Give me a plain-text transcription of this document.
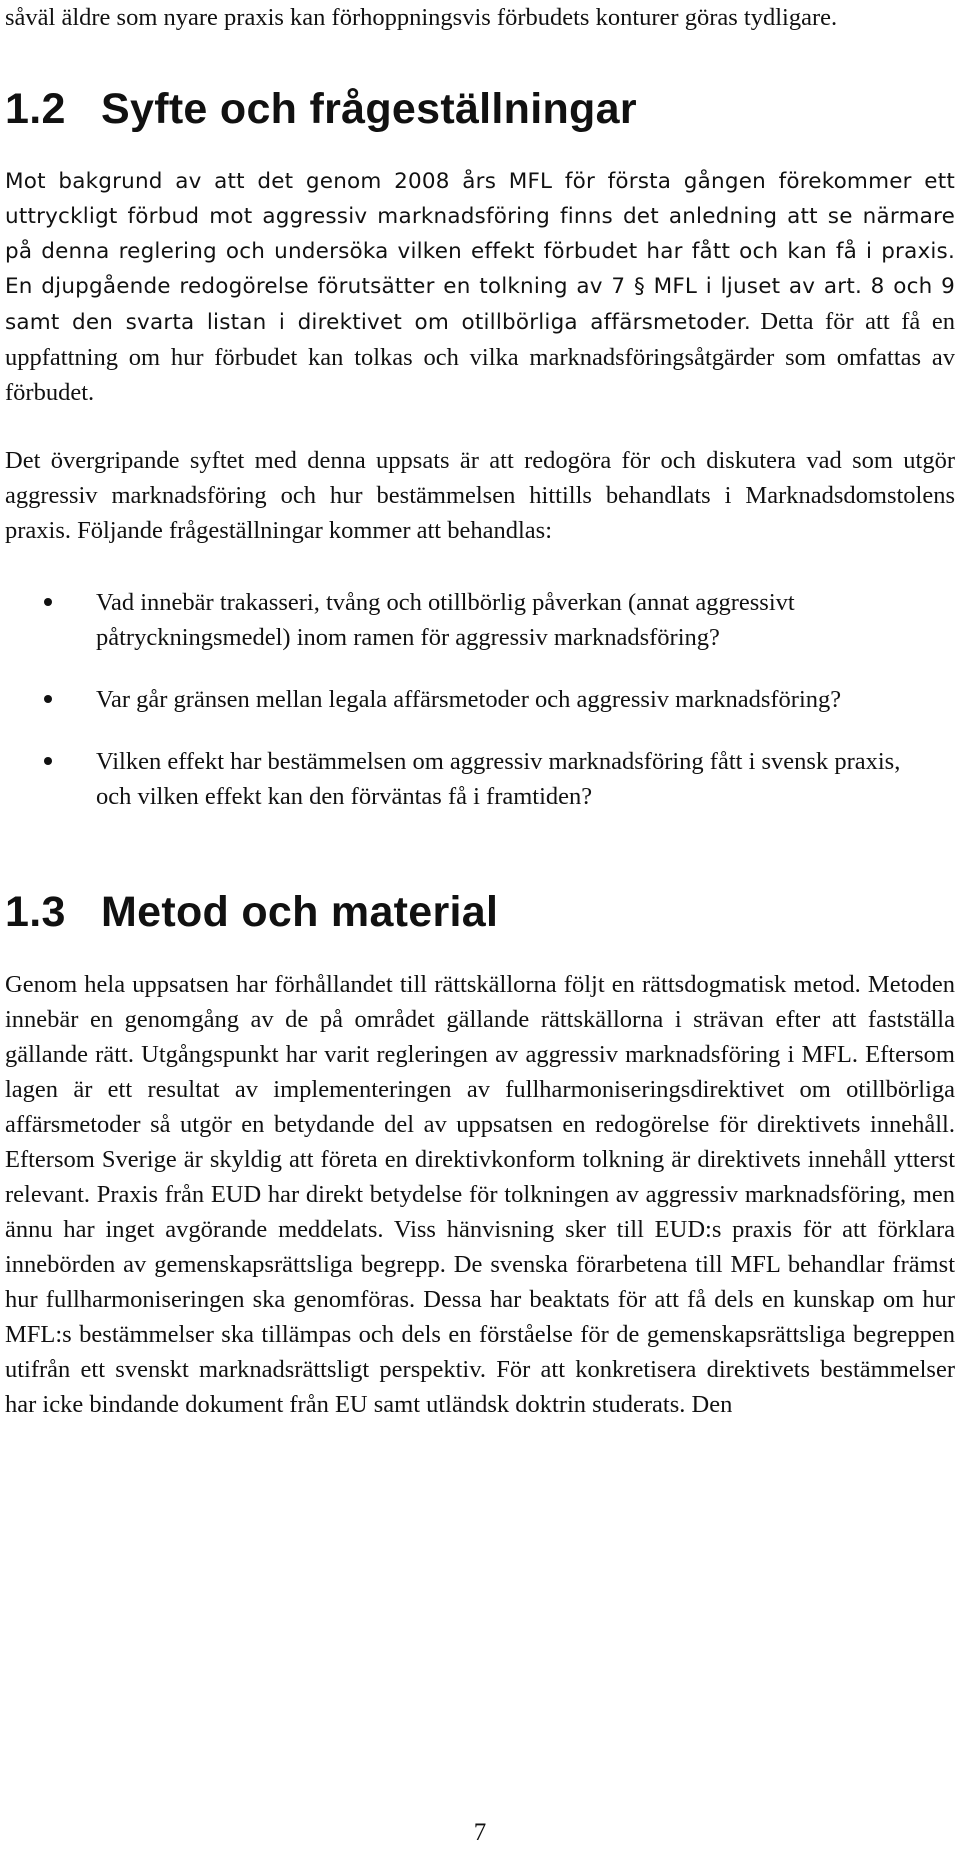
såväl äldre som nyare praxis kan förhoppningsvis förbudets konturer göras tydligare.

1.2 Syfte och frågeställningar

Mot bakgrund av att det genom 2008 års MFL för första gången förekommer ett uttryckligt förbud mot aggressiv marknadsföring finns det anledning att se närmare på denna reglering och undersöka vilken effekt förbudet har fått och kan få i praxis. En djupgående redogörelse förutsätter en tolkning av 7 § MFL i ljuset av art. 8 och 9 samt den svarta listan i direktivet om otillbörliga affärsmetoder. Detta för att få en uppfattning om hur förbudet kan tolkas och vilka marknadsföringsåtgärder som omfattas av förbudet.

Det övergripande syftet med denna uppsats är att redogöra för och diskutera vad som utgör aggressiv marknadsföring och hur bestämmelsen hittills behandlats i Marknadsdomstolens praxis. Följande frågeställningar kommer att behandlas:

Vad innebär trakasseri, tvång och otillbörlig påverkan (annat aggressivt påtryckningsmedel) inom ramen för aggressiv marknadsföring?
Var går gränsen mellan legala affärsmetoder och aggressiv marknadsföring?
Vilken effekt har bestämmelsen om aggressiv marknadsföring fått i svensk praxis, och vilken effekt kan den förväntas få i framtiden?
1.3 Metod och material

Genom hela uppsatsen har förhållandet till rättskällorna följt en rättsdogmatisk metod. Metoden innebär en genomgång av de på området gällande rättskällorna i strävan efter att fastställa gällande rätt. Utgångspunkt har varit regleringen av aggressiv marknadsföring i MFL. Eftersom lagen är ett resultat av implementeringen av fullharmoniseringsdirektivet om otillbörliga affärsmetoder så utgör en betydande del av uppsatsen en redogörelse för direktivets innehåll. Eftersom Sverige är skyldig att företa en direktivkonform tolkning är direktivets innehåll ytterst relevant. Praxis från EUD har direkt betydelse för tolkningen av aggressiv marknadsföring, men ännu har inget avgörande meddelats. Viss hänvisning sker till EUD:s praxis för att förklara innebörden av gemenskapsrättsliga begrepp. De svenska förarbetena till MFL behandlar främst hur fullharmoniseringen ska genomföras. Dessa har beaktats för att få dels en kunskap om hur MFL:s bestämmelser ska tillämpas och dels en förståelse för de gemenskapsrättsliga begreppen utifrån ett svenskt marknadsrättsligt perspektiv. För att konkretisera direktivets bestämmelser har icke bindande dokument från EU samt utländsk doktrin studerats. Den

7
